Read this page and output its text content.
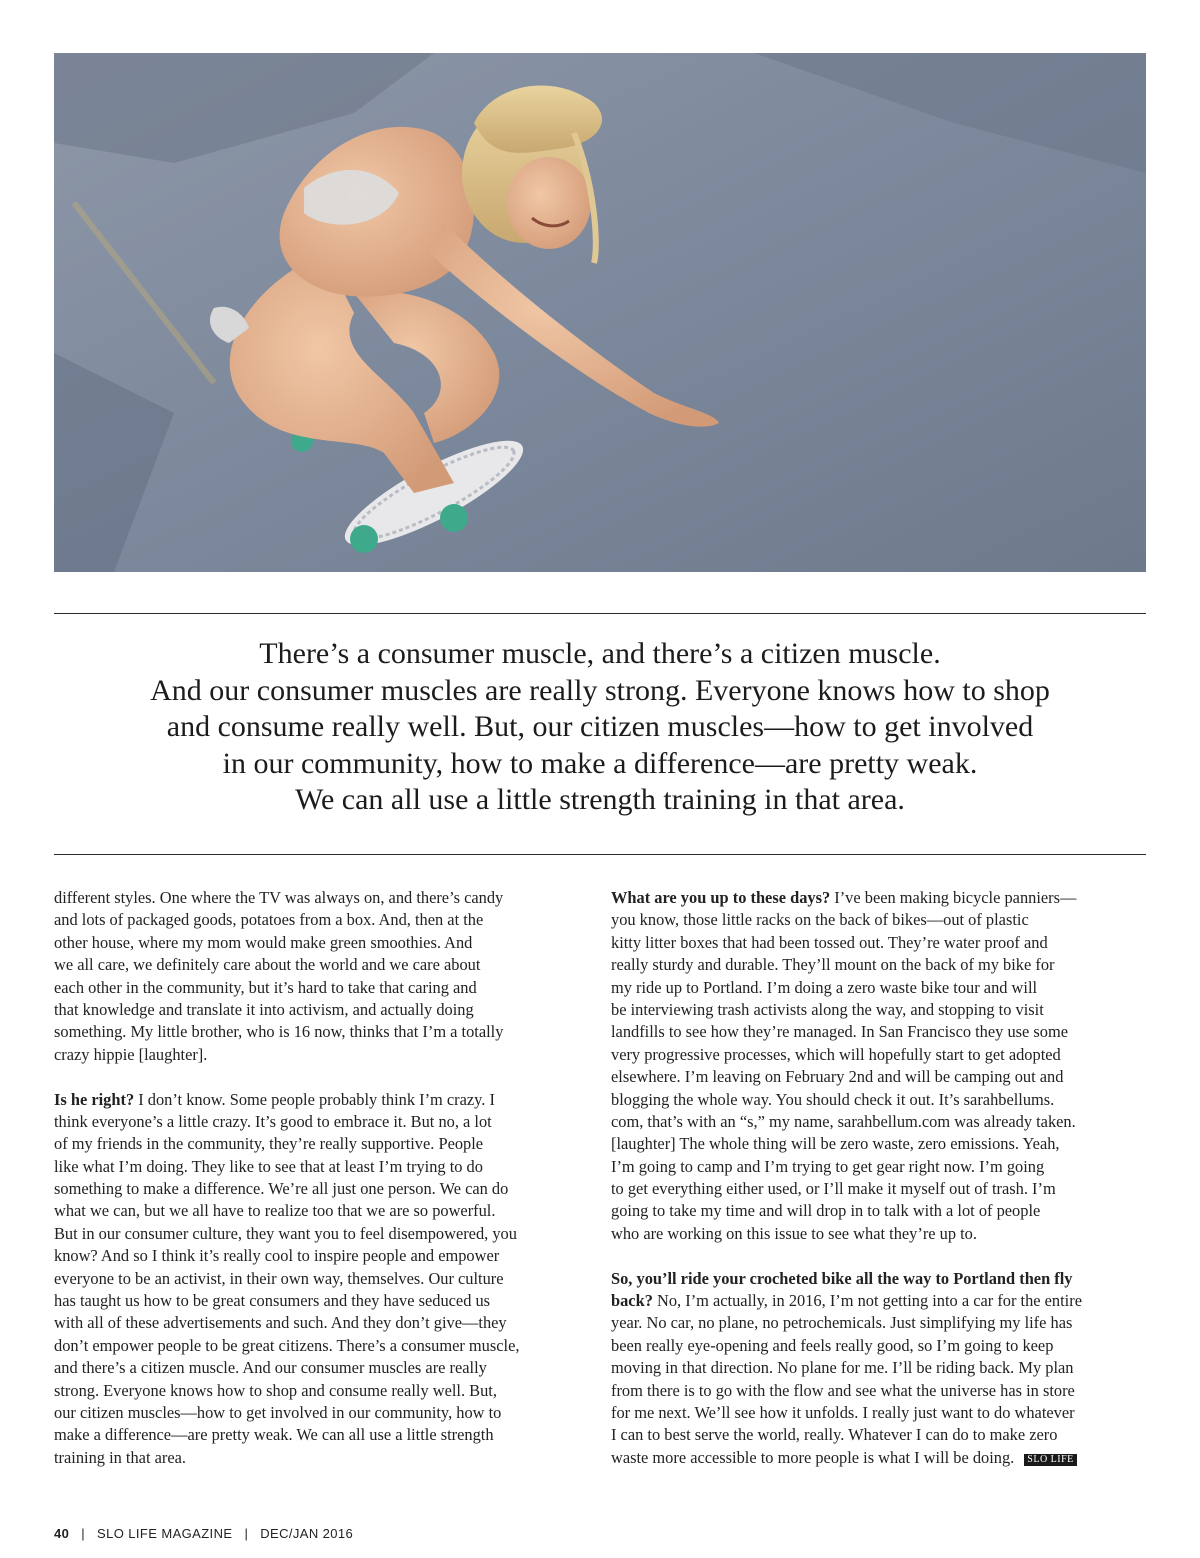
There’s a consumer muscle, and there’s a citizen muscle.
And our consumer muscles are really strong. Everyone knows how to shop
and consume really well. But, our citizen muscles—how to get involved
in our community, how to make a difference—are pretty weak.
We can all use a little strength training in that area.
different styles. One where the TV was always on, and there’s candy
and lots of packaged goods, potatoes from a box. And, then at the
other house, where my mom would make green smoothies. And
we all care, we definitely care about the world and we care about
each other in the community, but it’s hard to take that caring and
that knowledge and translate it into activism, and actually doing
something. My little brother, who is 16 now, thinks that I’m a totally
crazy hippie [laughter].
Is he right? I don’t know. Some people probably think I’m crazy. I
think everyone’s a little crazy. It’s good to embrace it. But no, a lot
of my friends in the community, they’re really supportive. People
like what I’m doing. They like to see that at least I’m trying to do
something to make a difference. We’re all just one person. We can do
what we can, but we all have to realize too that we are so powerful.
But in our consumer culture, they want you to feel disempowered, you
know? And so I think it’s really cool to inspire people and empower
everyone to be an activist, in their own way, themselves. Our culture
has taught us how to be great consumers and they have seduced us
with all of these advertisements and such. And they don’t give—they
don’t empower people to be great citizens. There’s a consumer muscle,
and there’s a citizen muscle. And our consumer muscles are really
strong. Everyone knows how to shop and consume really well. But,
our citizen muscles—how to get involved in our community, how to
make a difference—are pretty weak. We can all use a little strength
training in that area.
What are you up to these days? I’ve been making bicycle panniers—
you know, those little racks on the back of bikes—out of plastic
kitty litter boxes that had been tossed out. They’re water proof and
really sturdy and durable. They’ll mount on the back of my bike for
my ride up to Portland. I’m doing a zero waste bike tour and will
be interviewing trash activists along the way, and stopping to visit
landfills to see how they’re managed. In San Francisco they use some
very progressive processes, which will hopefully start to get adopted
elsewhere. I’m leaving on February 2nd and will be camping out and
blogging the whole way. You should check it out. It’s sarahbellums.
com, that’s with an “s,” my name, sarahbellum.com was already taken.
[laughter] The whole thing will be zero waste, zero emissions. Yeah,
I’m going to camp and I’m trying to get gear right now. I’m going
to get everything either used, or I’ll make it myself out of trash. I’m
going to take my time and will drop in to talk with a lot of people
who are working on this issue to see what they’re up to.
So, you’ll ride your crocheted bike all the way to Portland then fly
back? No, I’m actually, in 2016, I’m not getting into a car for the entire
year. No car, no plane, no petrochemicals. Just simplifying my life has
been really eye-opening and feels really good, so I’m going to keep
moving in that direction. No plane for me. I’ll be riding back. My plan
from there is to go with the flow and see what the universe has in store
for me next. We’ll see how it unfolds. I really just want to do whatever
I can to best serve the world, really. Whatever I can do to make zero
waste more accessible to more people is what I will be doing. SLO LIFE
40 | SLO LIFE MAGAZINE | DEC/JAN 2016
